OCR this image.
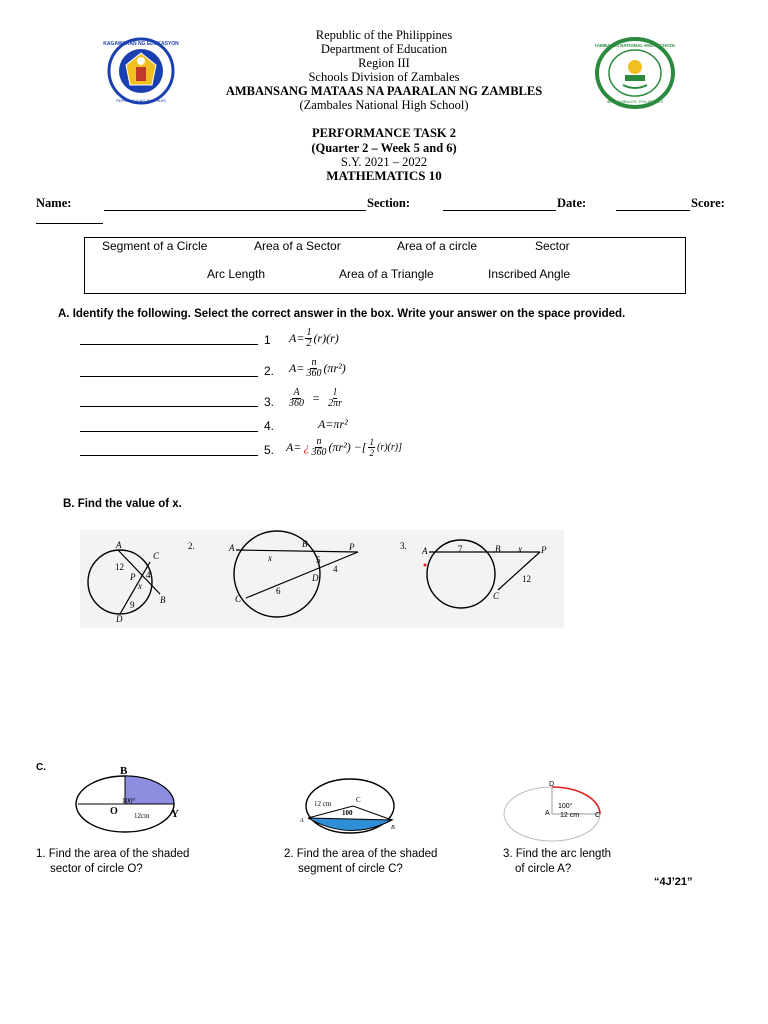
KAGAWARAN NG EDUKASYON
REPUBLIKA NG PILIPINAS
ZAMBALES NATIONAL HIGH SCHOOL
IBA, ZAMBALES, PHILIPPINES
Republic of the Philippines
Department of Education
Region III
Schools Division of Zambales
AMBANSANG MATAAS NA PAARALAN NG ZAMBLES
(Zambales National High School)
PERFORMANCE TASK 2
(Quarter 2 – Week 5 and 6)
S.Y. 2021 – 2022
MATHEMATICS 10
Name:	Section:	Date:	Score:
Segment of a Circle	Area of a Sector	Area of a circle	Sector
Arc Length	Area of a Triangle	Inscribed Angle
A. Identify the following. Select the correct answer in the box. Write your answer on the space provided.
1 $A= \frac{1}{2} (r)(r)$
2. $A= \frac{n}{360} (\pi r^2)$
3. $\frac{A}{360} = \frac{l}{2\pi r}$
4.	A=πr²
5. A= ¿ $\frac{n}{360} (\pi r^2)$ −[ $\frac{1}{2} (r)(r)$]
B. Find the value of x.
A
C
P
x
B
D
12
4
9
2.	A	B	P
x	5
4
D
6
C
3. A	7	B x P
12
C
C.	B
O	Y
100°
12cm
12 cm	C
100
A
B
D
100°
A 12 cm C
1. Find the area of the shaded
sector of circle O?
2. Find the area of the shaded
segment of circle C?
3. Find the arc length
of circle A?
“4J’21”
